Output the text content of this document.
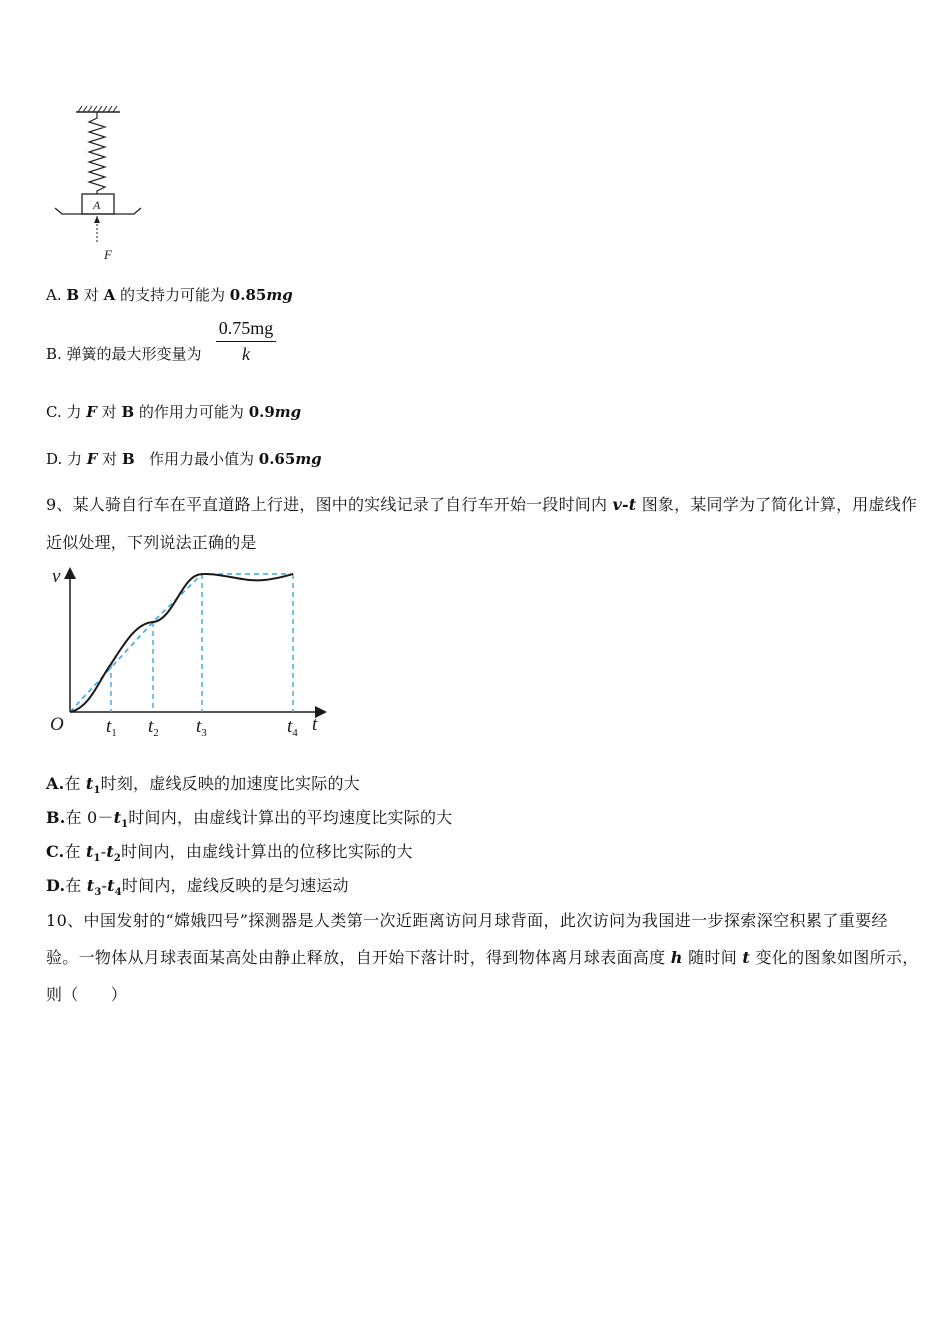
A
F
A. B 对 A 的支持力可能为 0.85mg
B. 弹簧的最大形变量为
0.75mg
k
C. 力 F 对 B 的作用力可能为 0.9mg
D. 力 F 对 B   作用力最小值为 0.65mg
9、某人骑自行车在平直道路上行进，图中的实线记录了自行车开始一段时间内 v-t 图象，某同学为了简化计算，用虚线作
近似处理，下列说法正确的是
v
t
O $t_1$ $t_2$ $t_3$	$t_4$
A.在 $t_1$时刻，虚线反映的加速度比实际的大
B.在 $0-t_1$时间内，由虚线计算出的平均速度比实际的大
C.在 $t_1-t_2$时间内，由虚线计算出的位移比实际的大
D.在 $t_3-t_4$时间内，虚线反映的是匀速运动
10、中国发射的“嫦娥四号”探测器是人类第一次近距离访问月球背面，此次访问为我国进一步探索深空积累了重要经
验。一物体从月球表面某高处由静止释放，自开始下落计时，得到物体离月球表面高度 h 随时间 t 变化的图象如图所示，
则（　　）
